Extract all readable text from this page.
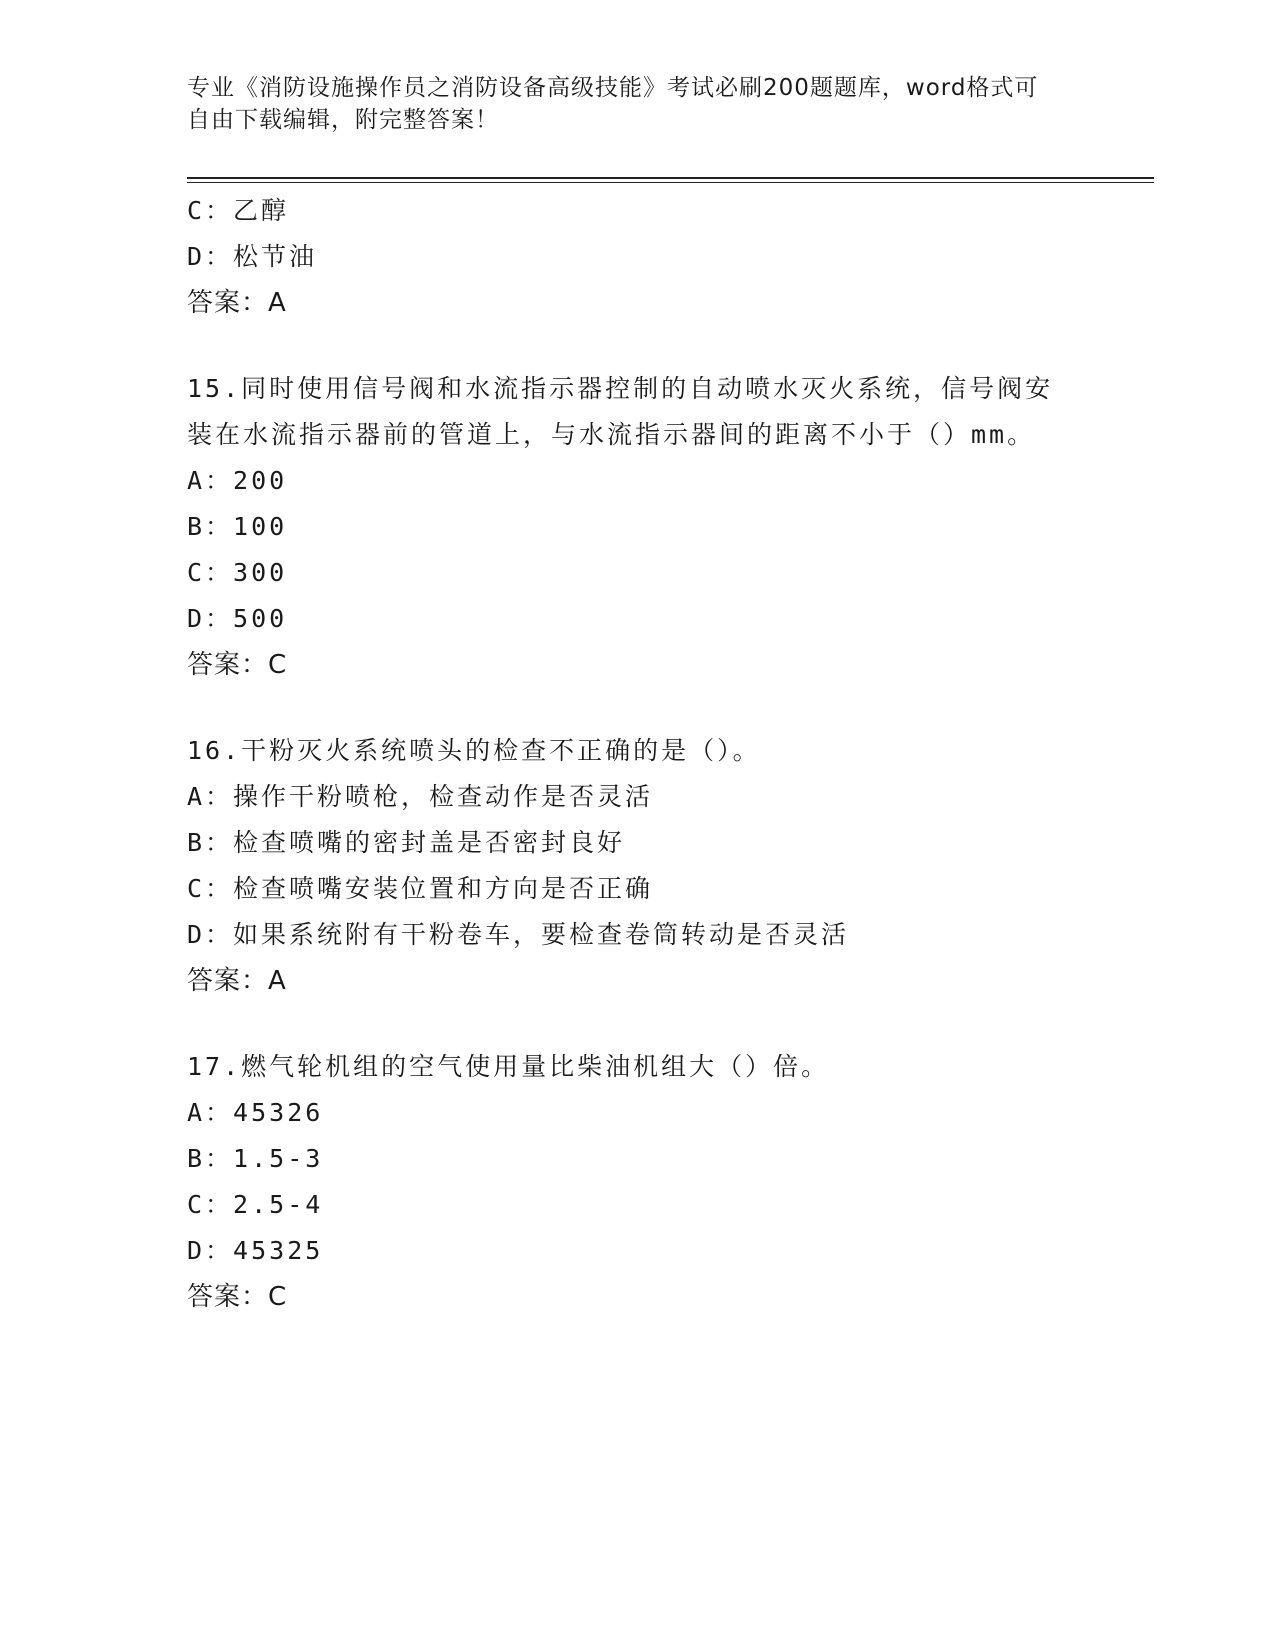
专业《消防设施操作员之消防设备高级技能》考试必刷200题题库，word格式可
自由下载编辑，附完整答案！
C：乙醇
D：松节油
答案：A
15.同时使用信号阀和水流指示器控制的自动喷水灭火系统，信号阀安
装在水流指示器前的管道上，与水流指示器间的距离不小于（）mm。
A：200
B：100
C：300
D：500
答案：C
16.干粉灭火系统喷头的检查不正确的是（）。
A：操作干粉喷枪，检查动作是否灵活
B：检查喷嘴的密封盖是否密封良好
C：检查喷嘴安装位置和方向是否正确
D：如果系统附有干粉卷车，要检查卷筒转动是否灵活
答案：A
17.燃气轮机组的空气使用量比柴油机组大（）倍。
A：45326
B：1.5-3
C：2.5-4
D：45325
答案：C
